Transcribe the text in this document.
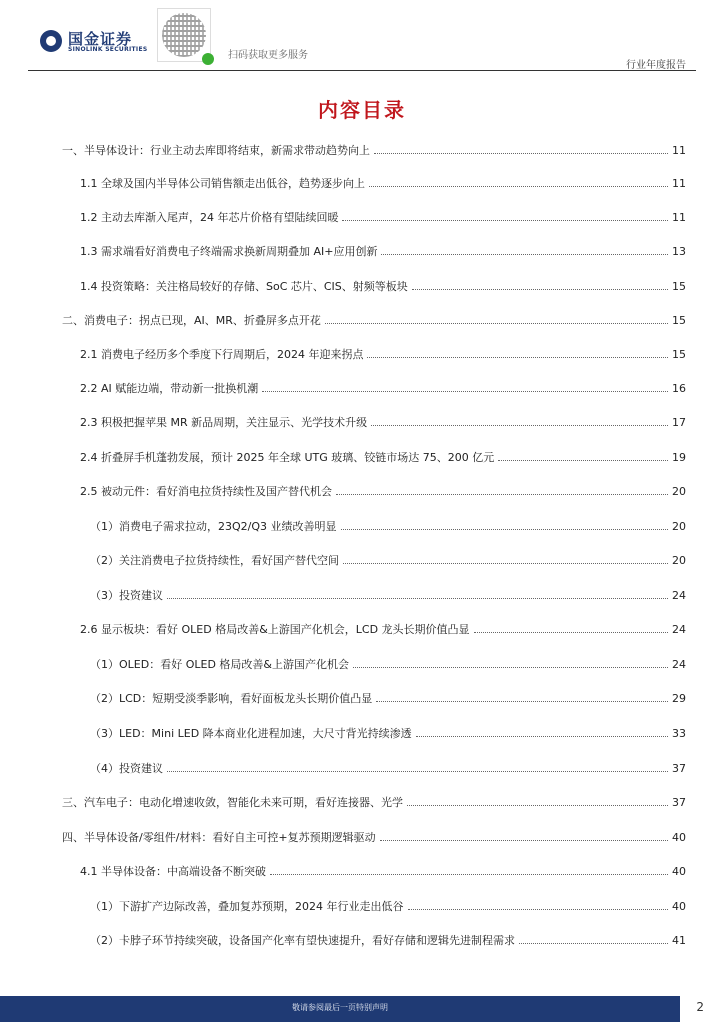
国金证券
SINOLINK SECURITIES
扫码获取更多服务
行业年度报告
内容目录
一、半导体设计：行业主动去库即将结束，新需求带动趋势向上	11
1.1 全球及国内半导体公司销售额走出低谷，趋势逐步向上	11
1.2 主动去库渐入尾声，24 年芯片价格有望陆续回暖	11
1.3 需求端看好消费电子终端需求换新周期叠加 AI+应用创新	13
1.4 投资策略：关注格局较好的存储、SoC 芯片、CIS、射频等板块	15
二、消费电子：拐点已现，AI、MR、折叠屏多点开花	15
2.1 消费电子经历多个季度下行周期后，2024 年迎来拐点	15
2.2 AI 赋能边端，带动新一批换机潮	16
2.3 积极把握苹果 MR 新品周期，关注显示、光学技术升级	17
2.4 折叠屏手机蓬勃发展，预计 2025 年全球 UTG 玻璃、铰链市场达 75、200 亿元	19
2.5 被动元件：看好消电拉货持续性及国产替代机会	20
（1）消费电子需求拉动，23Q2/Q3 业绩改善明显	20
（2）关注消费电子拉货持续性，看好国产替代空间	20
（3）投资建议	24
2.6 显示板块：看好 OLED 格局改善&上游国产化机会，LCD 龙头长期价值凸显	24
（1）OLED：看好 OLED 格局改善&上游国产化机会	24
（2）LCD：短期受淡季影响，看好面板龙头长期价值凸显	29
（3）LED：Mini LED 降本商业化进程加速，大尺寸背光持续渗透	33
（4）投资建议	37
三、汽车电子：电动化增速收敛，智能化未来可期，看好连接器、光学	37
四、半导体设备/零组件/材料：看好自主可控+复苏预期逻辑驱动	40
4.1 半导体设备：中高端设备不断突破	40
（1）下游扩产边际改善，叠加复苏预期，2024 年行业走出低谷	40
（2）卡脖子环节持续突破，设备国产化率有望快速提升，看好存储和逻辑先进制程需求	41
敬请参阅最后一页特别声明	2
